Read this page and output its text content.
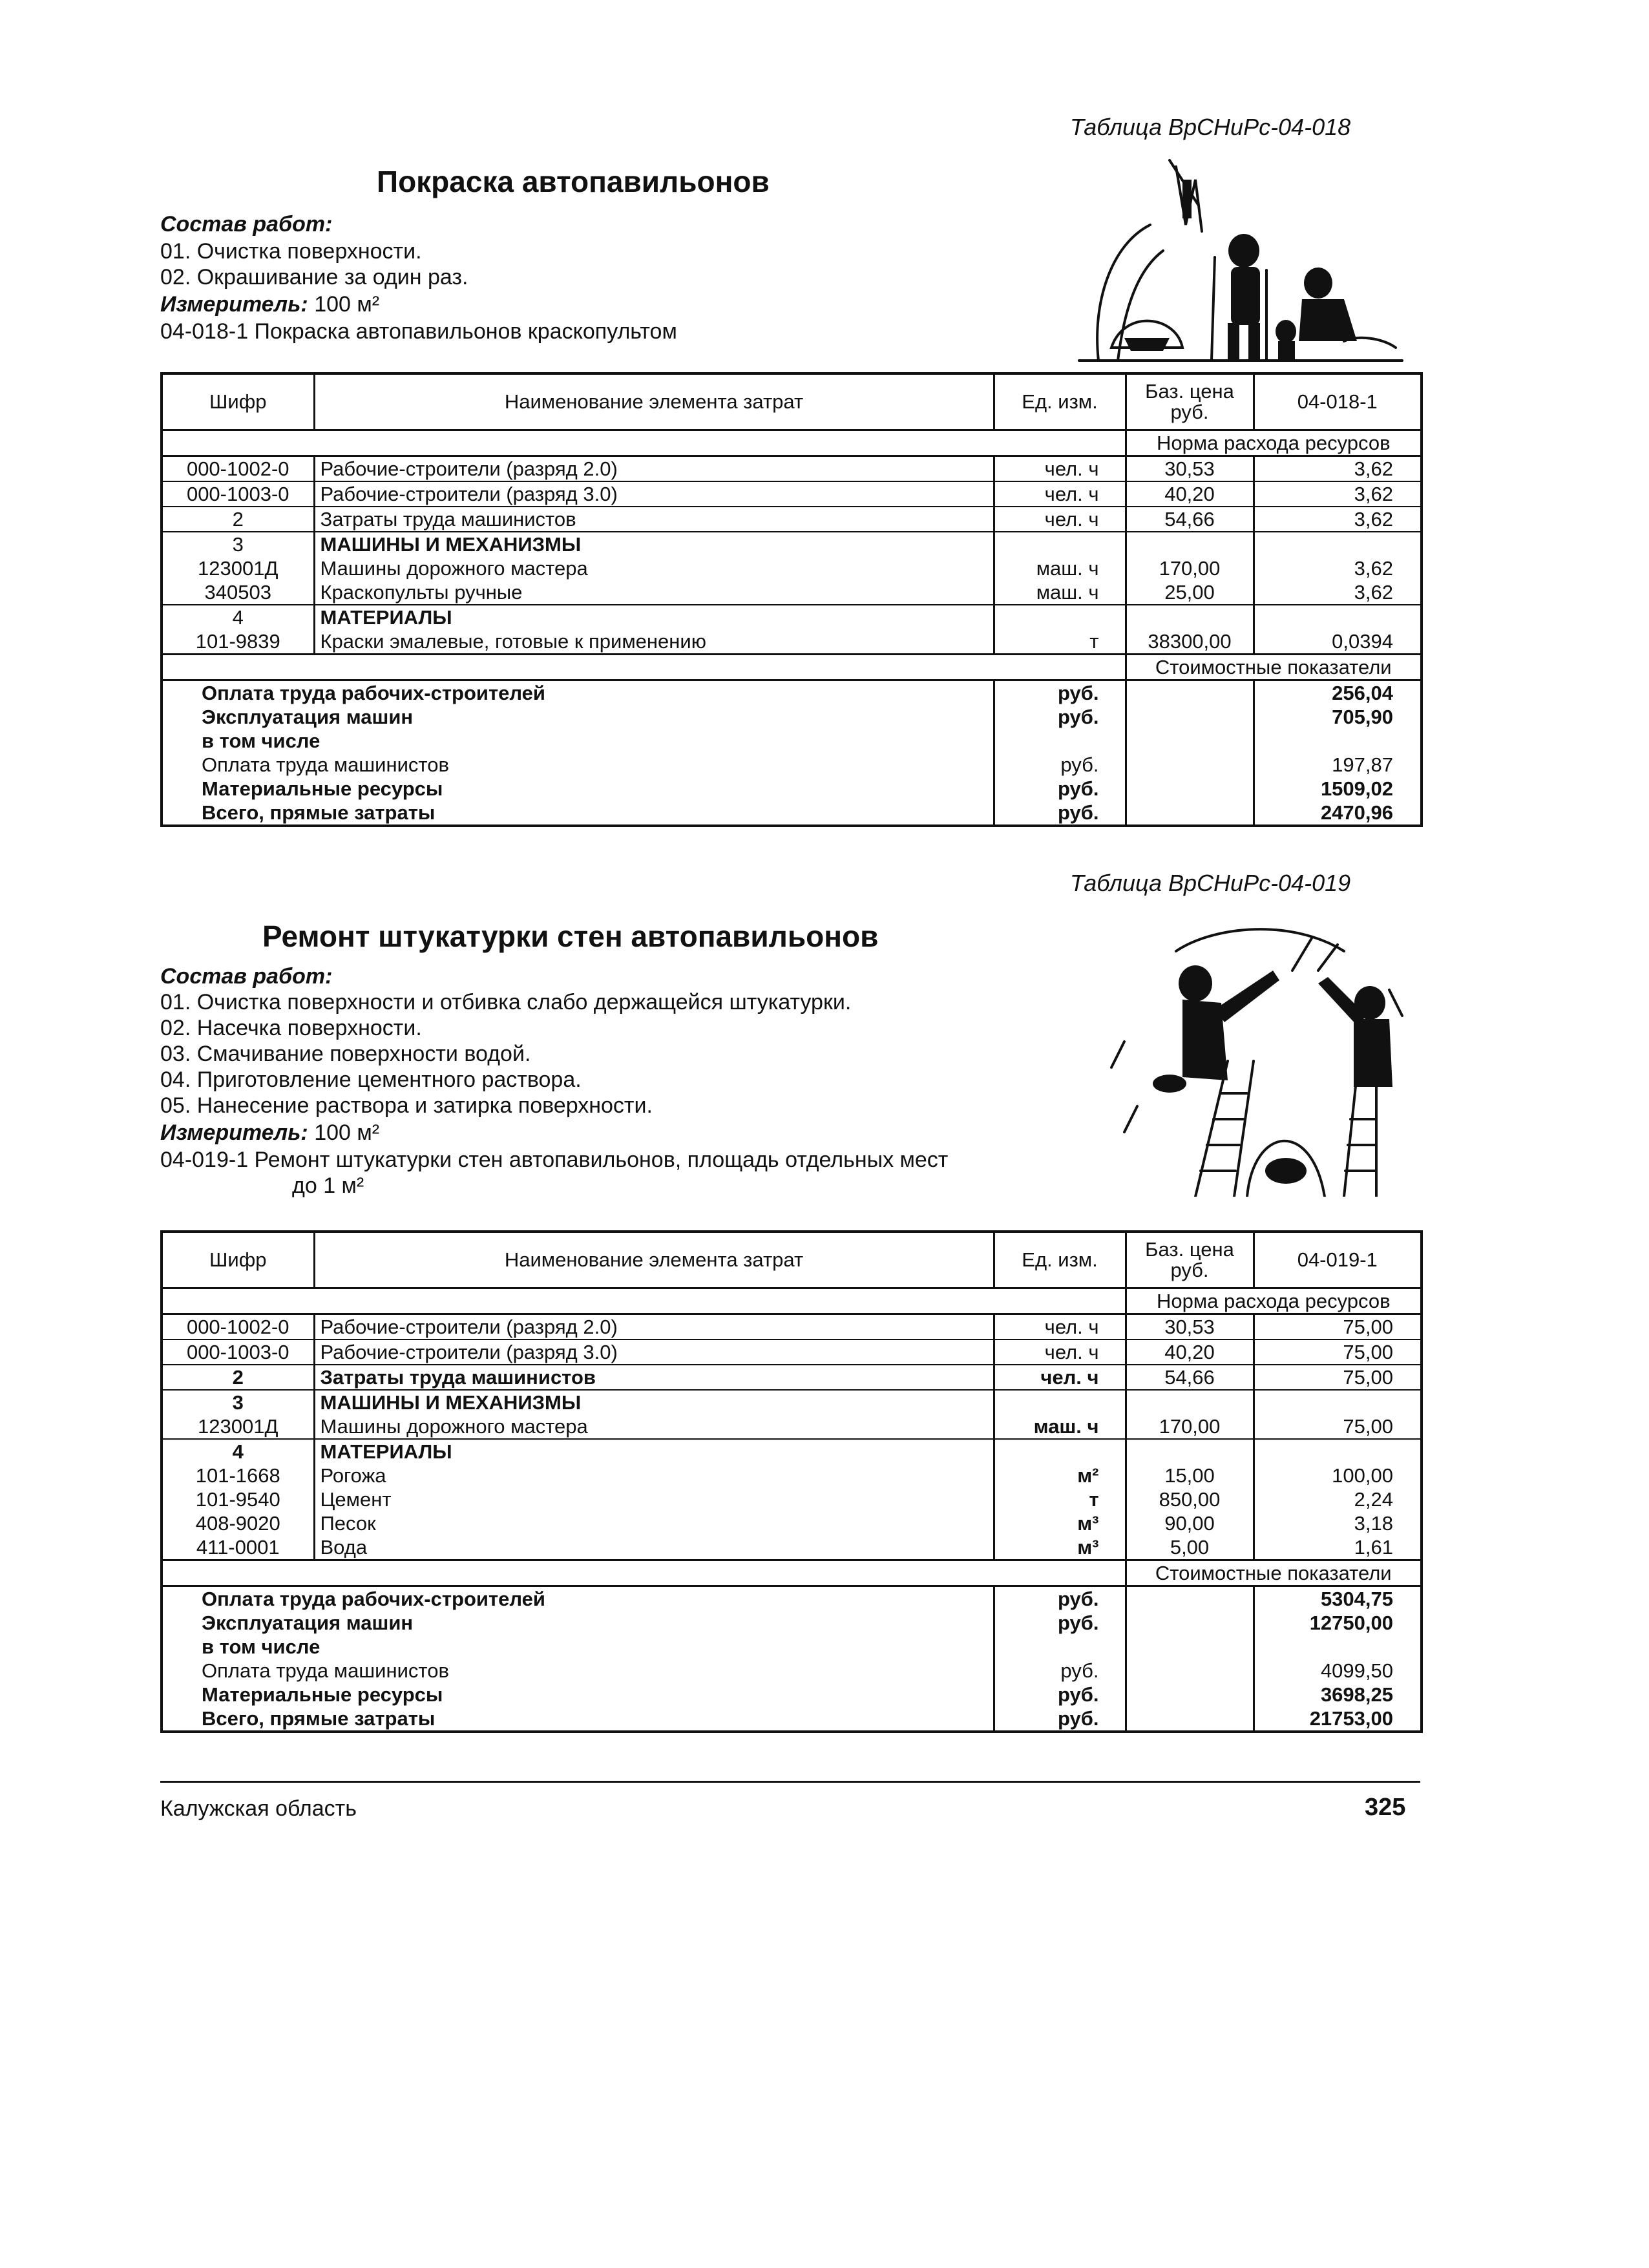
Таблица ВрСНиРс-04-018
Покраска автопавильонов
Состав работ:
01. Очистка поверхности.
02. Окрашивание за один раз.
Измеритель: 100 м²
04-018-1 Покраска автопавильонов краскопультом
Шифр	Наименование элемента затрат	Ед. изм.	Баз. цена руб.	04-018-1
			Норма расхода ресурсов	
000-1002-0	Рабочие-строители (разряд 2.0)	чел. ч	30,53	3,62
000-1003-0	Рабочие-строители (разряд 3.0)	чел. ч	40,20	3,62
2	Затраты труда машинистов	чел. ч	54,66	3,62
3	МАШИНЫ И МЕХАНИЗМЫ			
123001Д	Машины дорожного мастера	маш. ч	170,00	3,62
340503	Краскопульты ручные	маш. ч	25,00	3,62
4	МАТЕРИАЛЫ			
101-9839	Краски эмалевые, готовые к применению	т	38300,00	0,0394
			Стоимостные показатели	
Оплата труда рабочих-строителей		руб.		256,04
Эксплуатация машин		руб.		705,90
в том числе				
Оплата труда машинистов		руб.		197,87
Материальные ресурсы		руб.		1509,02
Всего, прямые затраты		руб.		2470,96
Таблица ВрСНиРс-04-019
Ремонт штукатурки стен автопавильонов
Состав работ:
01. Очистка поверхности и отбивка слабо держащейся штукатурки.
02. Насечка поверхности.
03. Смачивание поверхности водой.
04. Приготовление цементного раствора.
05. Нанесение раствора и затирка поверхности.
Измеритель: 100 м²
04-019-1 Ремонт штукатурки стен автопавильонов, площадь отдельных мест
до 1 м²
Шифр	Наименование элемента затрат	Ед. изм.	Баз. цена руб.	04-019-1
			Норма расхода ресурсов	
000-1002-0	Рабочие-строители (разряд 2.0)	чел. ч	30,53	75,00
000-1003-0	Рабочие-строители (разряд 3.0)	чел. ч	40,20	75,00
2	Затраты труда машинистов	чел. ч	54,66	75,00
3	МАШИНЫ И МЕХАНИЗМЫ			
123001Д	Машины дорожного мастера	маш. ч	170,00	75,00
4	МАТЕРИАЛЫ			
101-1668	Рогожа	м²	15,00	100,00
101-9540	Цемент	т	850,00	2,24
408-9020	Песок	м³	90,00	3,18
411-0001	Вода	м³	5,00	1,61
			Стоимостные показатели	
Оплата труда рабочих-строителей		руб.		5304,75
Эксплуатация машин		руб.		12750,00
в том числе				
Оплата труда машинистов		руб.		4099,50
Материальные ресурсы		руб.		3698,25
Всего, прямые затраты		руб.		21753,00
Калужская область	325
